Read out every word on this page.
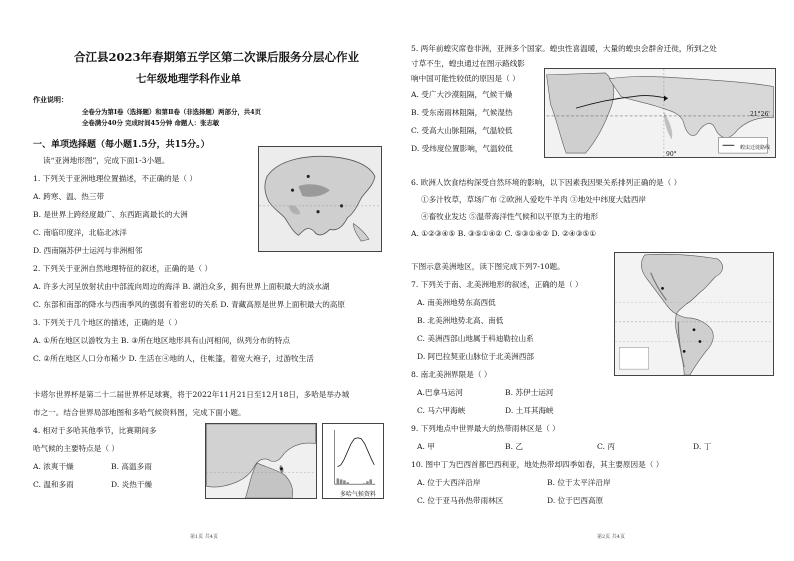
合江县2023年春期第五学区第二次课后服务分层心作业
七年级地理学科作业单
作业说明：
全卷分为第Ⅰ卷（选择题）和第Ⅱ卷（非选择题）两部分，共4页
全卷满分40分 完成时间45分钟 命题人：张志敏
一、单项选择题（每小题1.5分，共15分。）
读“亚洲地形图”，完成下面1-3小题。
1. 下列关于亚洲地理位置描述，不正确的是（ ）
A. 跨寒、温、热三带
B. 是世界上跨经度最广、东西距离最长的大洲
C. 南临印度洋，北临北冰洋
D. 西南隔苏伊士运河与非洲相邻
2. 下列关于亚洲自然地理特征的叙述，正确的是（ ）
A. 许多大河呈放射状由中部流向周边的海洋 B. 湖泊众多，拥有世界上面积最大的淡水湖
C. 东部和南部的降水与西南季风的强弱有着密切的关系 D. 青藏高原是世界上面积最大的高原
3. 下列关于几个地区的描述，正确的是（ ）
A. ①所在地区以游牧为主 B. ③所在地区地形具有山河相间，纵列分布的特点
C. ②所在地区人口分布稀少 D. 生活在④地的人，住帐篷，着宽大袍子，过游牧生活
卡塔尔世界杯是第二十二届世界杯足球赛，将于2022年11月21日至12月18日，多哈是举办城
市之一。结合世界局部地图和多哈气候资料图，完成下面小题。
4. 相对于多哈其他季节，比赛期间多
哈气候的主要特点是（ ）
A. 浓爽干燥	B. 高温多雨
C. 温和多雨	D. 炎热干燥
多哈气候资料
第1页 共4页
5. 两年前蝗灾席卷非洲，亚洲多个国家。蝗虫性喜温暖，大量的蝗虫会群舍迁徙，所到之处
寸草不生，蝗虫通过在图示路线影
响中国可能性较低的原因是（ ）
A. 受广大沙漠阻隔，气候干燥
B. 受东南雨林阻隔，气候湿热
C. 受高大山脉阻隔，气温较低
D. 受纬度位置影响，气温较低
21°26'
90°
蝗虫迁徙路线
6. 欧洲人饮食结构深受自然环境的影响，以下因素我因果关系排列正确的是（ ）
①多汁牧草，草场广布 ②欧洲人爱吃牛羊肉 ③地处中纬度大陆西岸
④畜牧业发达 ⑤温带海洋性气候和以平原为主的地形
A. ①②③④⑤ B. ③⑤①④② C. ⑤③①④② D. ②④③⑤①
下图示意美洲地区，读下图完成下列7-10题。
7. 下列关于南、北美洲地形的叙述，正确的是（ ）
A. 南美洲地势东高西低
B. 北美洲地势北高、南低
C. 美洲西部山地属于科迪勒拉山系
D. 阿巴拉契亚山脉位于北美洲西部
8. 南北美洲界限是（ ）
A.巴拿马运河	B. 苏伊士运河
C. 马六甲海峡	D. 土耳其海峡
9. 下列地点中世界最大的热带雨林区是（ ）
A. 甲	B. 乙	C. 丙	D. 丁
10. 图中丁为巴西首都巴西利亚，地处热带却四季如春，其主要原因是（ ）
A. 位于大西洋沿岸	B. 位于太平洋沿岸
C. 位于亚马孙热带雨林区	D. 位于巴西高原
第2页 共4页
